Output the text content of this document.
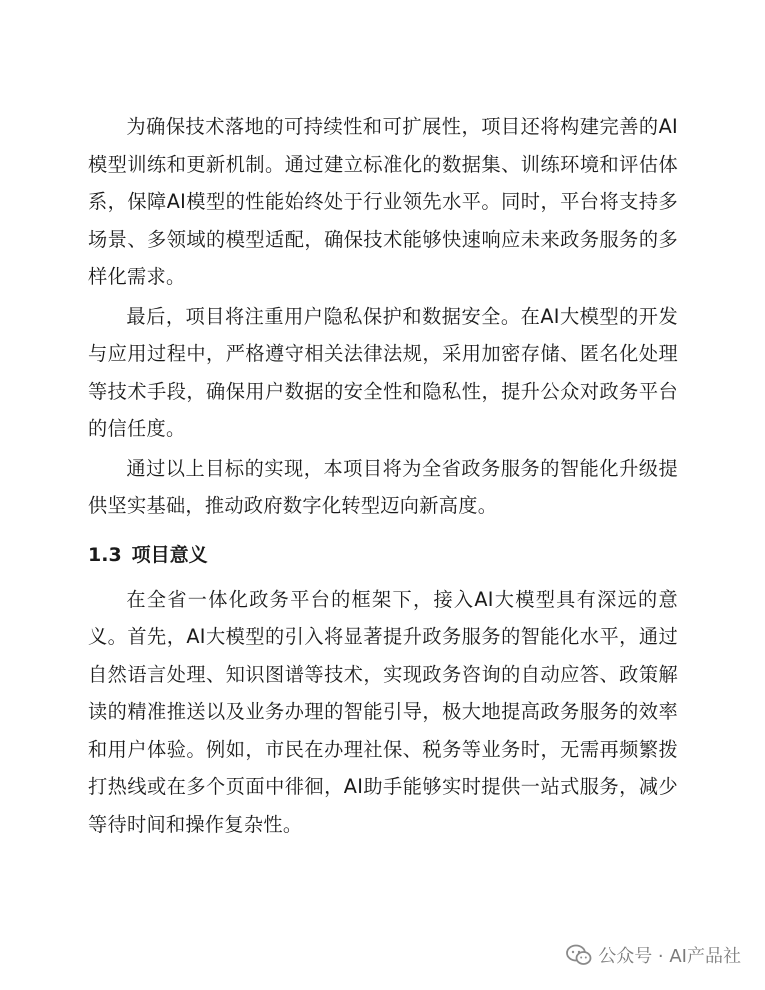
为确保技术落地的可持续性和可扩展性，项目还将构建完善的AI模型训练和更新机制。通过建立标准化的数据集、训练环境和评估体系，保障AI模型的性能始终处于行业领先水平。同时，平台将支持多场景、多领域的模型适配，确保技术能够快速响应未来政务服务的多样化需求。

最后，项目将注重用户隐私保护和数据安全。在AI大模型的开发与应用过程中，严格遵守相关法律法规，采用加密存储、匿名化处理等技术手段，确保用户数据的安全性和隐私性，提升公众对政务平台的信任度。

通过以上目标的实现，本项目将为全省政务服务的智能化升级提供坚实基础，推动政府数字化转型迈向新高度。

1.3 项目意义

在全省一体化政务平台的框架下，接入AI大模型具有深远的意义。首先，AI大模型的引入将显著提升政务服务的智能化水平，通过自然语言处理、知识图谱等技术，实现政务咨询的自动应答、政策解读的精准推送以及业务办理的智能引导，极大地提高政务服务的效率和用户体验。例如，市民在办理社保、税务等业务时，无需再频繁拨打热线或在多个页面中徘徊，AI助手能够实时提供一站式服务，减少等待时间和操作复杂性。

公众号 · AI产品社
